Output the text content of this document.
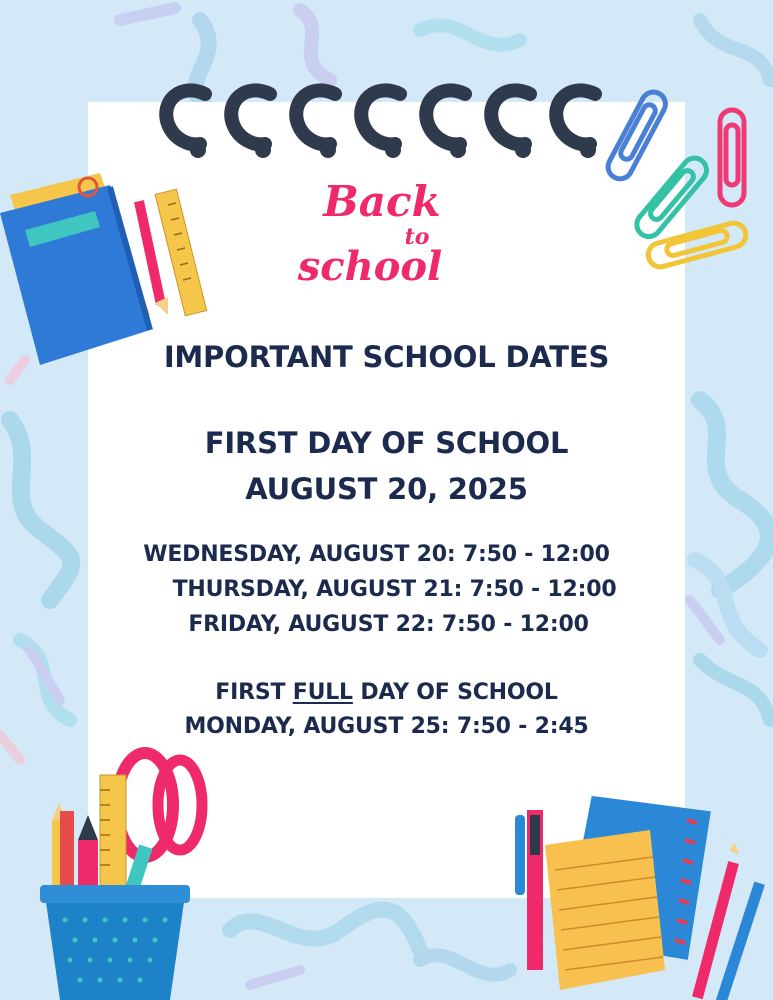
Back
to
school
IMPORTANT SCHOOL DATES
FIRST DAY OF SCHOOL
AUGUST 20, 2025
WEDNESDAY, AUGUST 20: 7:50 - 12:00
THURSDAY, AUGUST 21: 7:50 - 12:00
FRIDAY, AUGUST 22: 7:50 - 12:00
FIRST FULL DAY OF SCHOOL
MONDAY, AUGUST 25: 7:50 - 2:45
